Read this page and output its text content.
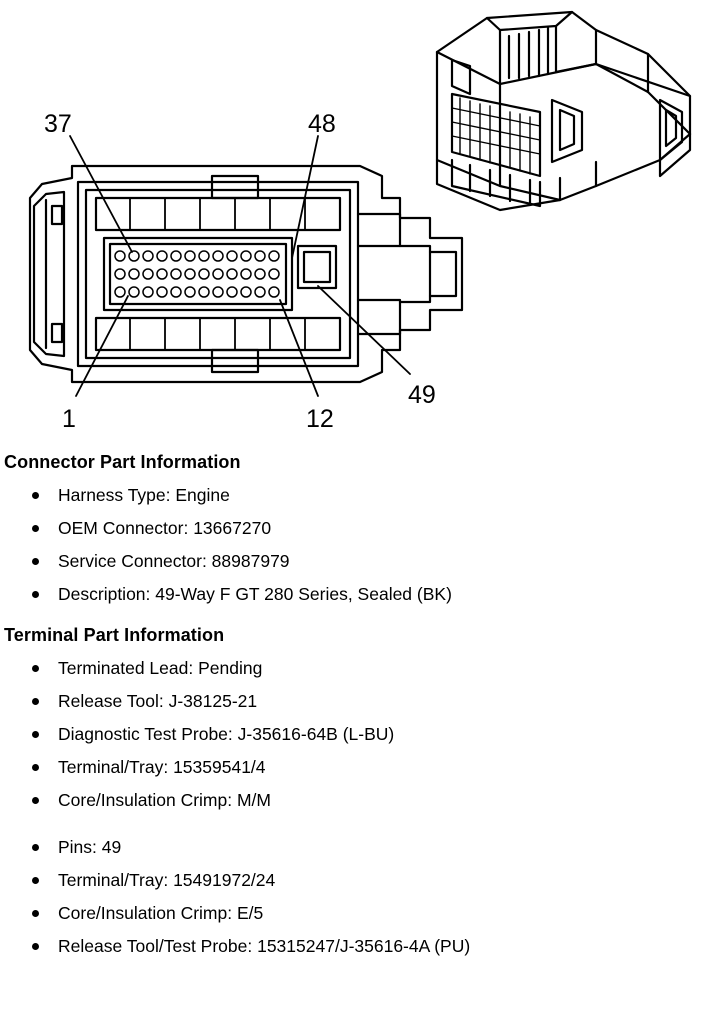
37	48
1	12
49
Connector Part Information
Harness Type: Engine
OEM Connector: 13667270
Service Connector: 88987979
Description: 49-Way F GT 280 Series, Sealed (BK)
Terminal Part Information
Terminated Lead: Pending
Release Tool: J-38125-21
Diagnostic Test Probe: J-35616-64B (L-BU)
Terminal/Tray: 15359541/4
Core/Insulation Crimp: M/M
Pins: 49
Terminal/Tray: 15491972/24
Core/Insulation Crimp: E/5
Release Tool/Test Probe: 15315247/J-35616-4A (PU)
